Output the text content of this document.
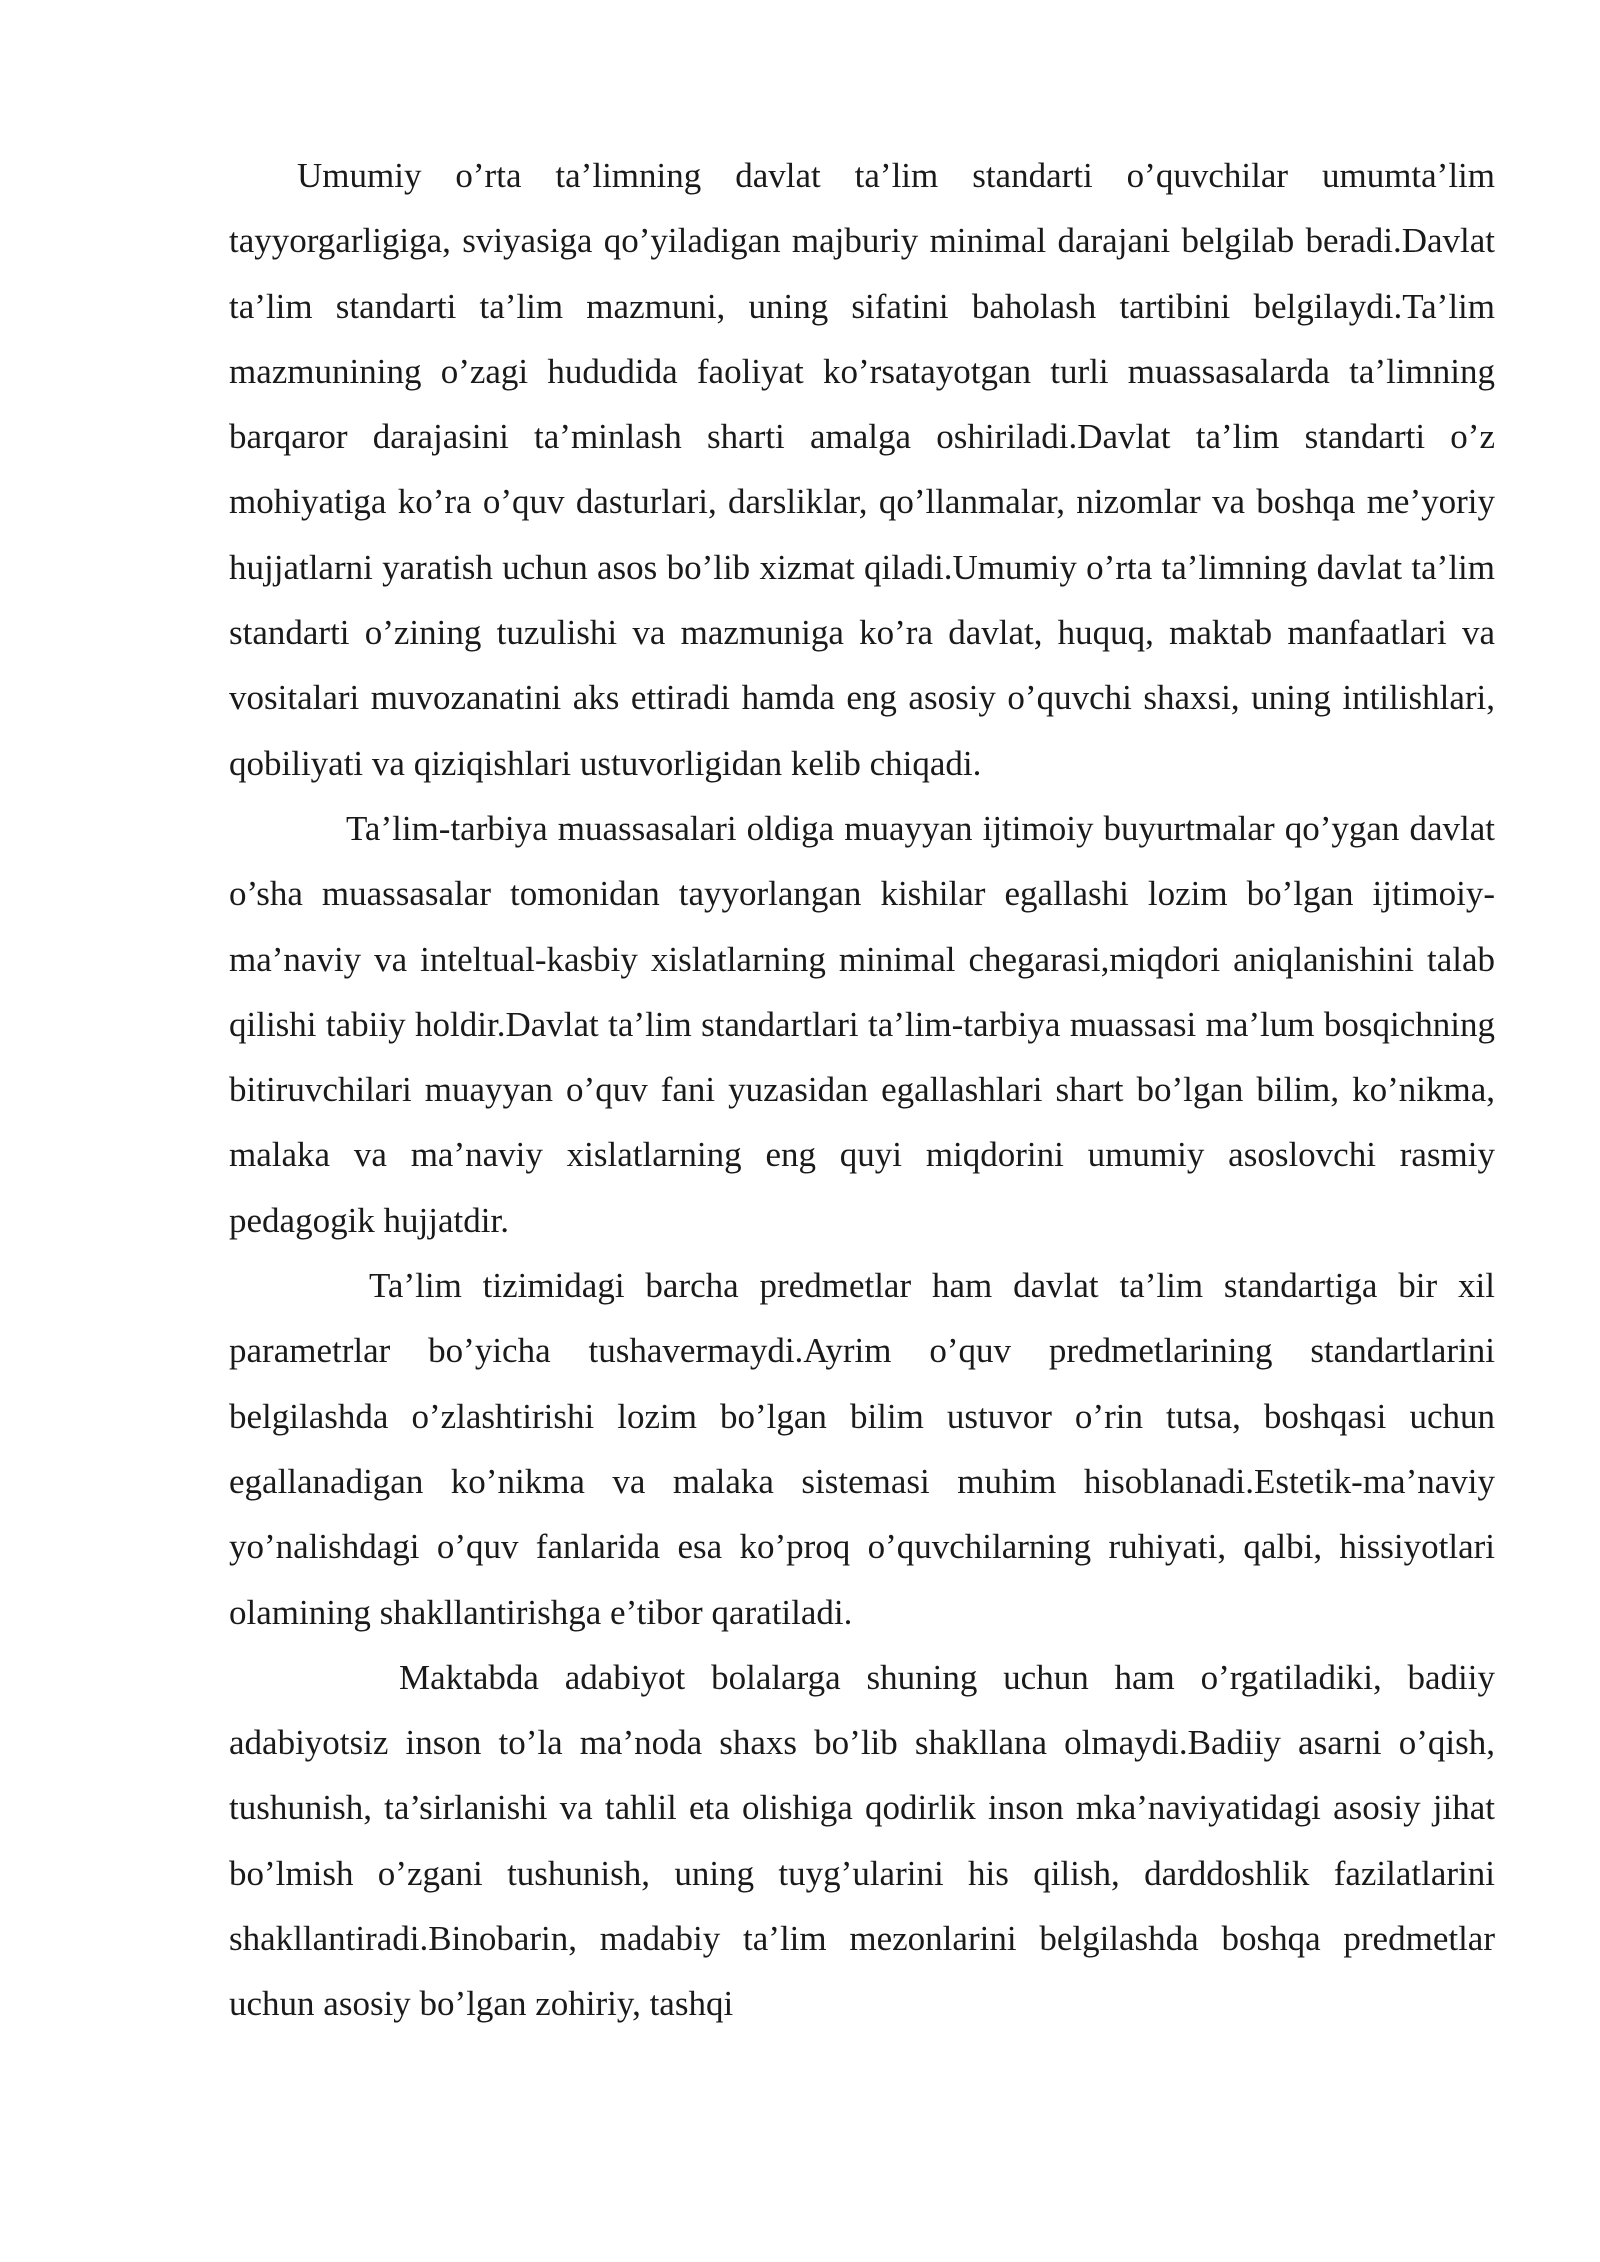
Umumiy o’rta ta’limning davlat ta’lim standarti o’quvchilar umumta’lim tayyorgarligiga, sviyasiga qo’yiladigan majburiy minimal darajani belgilab beradi.Davlat ta’lim standarti ta’lim mazmuni, uning sifatini baholash tartibini belgilaydi.Ta’lim mazmunining o’zagi hududida faoliyat ko’rsatayotgan turli muassasalarda ta’limning barqaror darajasini ta’minlash sharti amalga oshiriladi.Davlat ta’lim standarti o’z mohiyatiga ko’ra o’quv dasturlari, darsliklar, qo’llanmalar, nizomlar va boshqa me’yoriy hujjatlarni yaratish uchun asos bo’lib xizmat qiladi.Umumiy o’rta ta’limning davlat ta’lim standarti o’zining tuzulishi va mazmuniga ko’ra davlat, huquq, maktab manfaatlari va vositalari muvozanatini aks ettiradi hamda eng asosiy o’quvchi shaxsi, uning intilishlari, qobiliyati va qiziqishlari ustuvorligidan kelib chiqadi.

Ta’lim-tarbiya muassasalari oldiga muayyan ijtimoiy buyurtmalar qo’ygan davlat o’sha muassasalar tomonidan tayyorlangan kishilar egallashi lozim bo’lgan ijtimoiy-ma’naviy va inteltual-kasbiy xislatlarning minimal chegarasi,miqdori aniqlanishini talab qilishi tabiiy holdir.Davlat ta’lim standartlari ta’lim-tarbiya muassasi ma’lum bosqichning bitiruvchilari muayyan o’quv fani yuzasidan egallashlari shart bo’lgan bilim, ko’nikma, malaka va ma’naviy xislatlarning eng quyi miqdorini umumiy asoslovchi rasmiy pedagogik hujjatdir.

Ta’lim tizimidagi barcha predmetlar ham davlat ta’lim standartiga bir xil parametrlar bo’yicha tushavermaydi.Ayrim o’quv predmetlarining standartlarini belgilashda o’zlashtirishi lozim bo’lgan bilim ustuvor o’rin tutsa, boshqasi uchun egallanadigan ko’nikma va malaka sistemasi muhim hisoblanadi.Estetik-ma’naviy yo’nalishdagi o’quv fanlarida esa ko’proq o’quvchilarning ruhiyati, qalbi, hissiyotlari olamining shakllantirishga e’tibor qaratiladi.

Maktabda adabiyot bolalarga shuning uchun ham o’rgatiladiki, badiiy adabiyotsiz inson to’la ma’noda shaxs bo’lib shakllana olmaydi.Badiiy asarni o’qish, tushunish, ta’sirlanishi va tahlil eta olishiga qodirlik inson mka’naviyatidagi asosiy jihat bo’lmish o’zgani tushunish, uning tuyg’ularini his qilish, darddoshlik fazilatlarini shakllantiradi.Binobarin, madabiy ta’lim mezonlarini belgilashda boshqa predmetlar uchun asosiy bo’lgan zohiriy, tashqi
